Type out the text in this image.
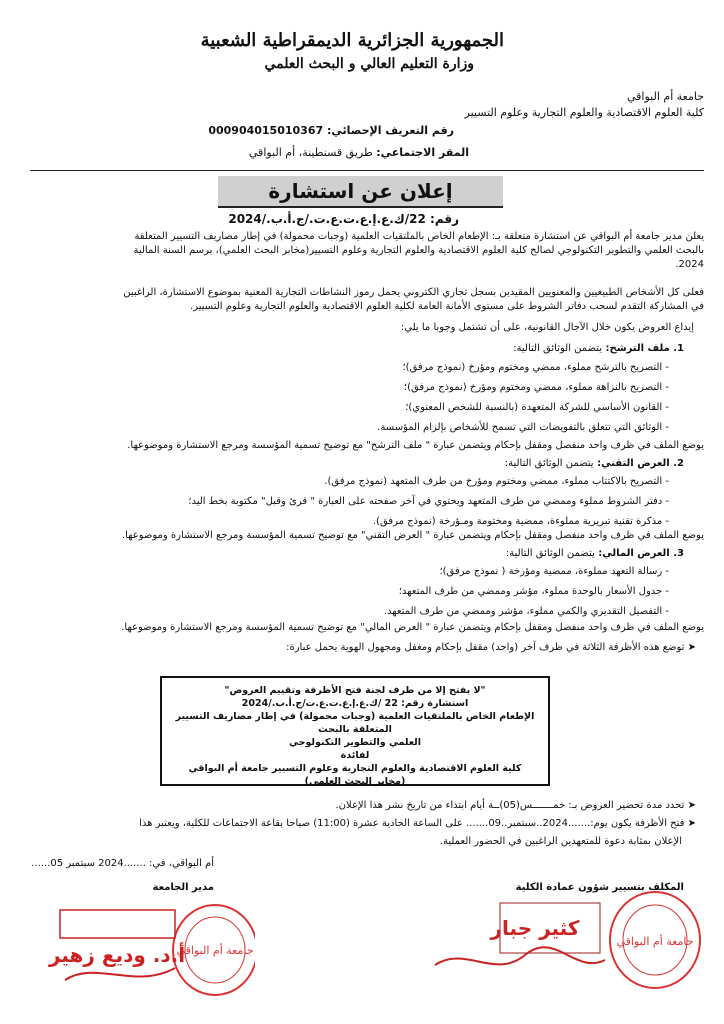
الجمهورية الجزائرية الديمقراطية الشعبية
وزارة التعليم العالي و البحث العلمي
جامعة أم البواقي
كلية العلوم الاقتصادية والعلوم التجارية وعلوم التسيير
رقم التعريف الإحصائي: 000904015010367
المقر الاجتماعي: طريق قسنطينة، أم البواقي
إعلان عن استشارة
رقم: 22/ك.ع.إ.ع.ت.ع.ت./ج.أ.ب./2024
يعلن مدير جامعة أم البواقي عن استشارة متعلقة بـ: الإطعام الخاص بالملتقيات العلمية (وجبات محمولة) في إطار مصاريف التسيير المتعلقة
بالبحث العلمي والتطوير التكنولوجي لصالح كلية العلوم الاقتصادية والعلوم التجارية وعلوم التسيير(مخابر البحث العلمي)، برسم السنة المالية
2024.
فعلى كل الأشخاص الطبيعيين والمعنويين المقيدين بسجل تجاري الكتروني يحمل رموز النشاطات التجارية المعنية بموضوع الاستشارة، الراغبين
في المشاركة التقدم لسحب دفاتر الشروط على مستوى الأمانة العامة لكلية العلوم الاقتصادية والعلوم التجارية وعلوم التسيير.
إيداع العروض يكون خلال الآجال القانونية، على أن تشتمل وجوبا ما يلي:
1. ملف الترشح: يتضمن الوثائق التالية:
- التصريح بالترشح مملوء، ممضي ومختوم ومؤرخ (نموذج مرفق)؛
- التصريح بالنزاهة مملوء، ممضي ومختوم ومؤرخ (نموذج مرفق)؛
- القانون الأساسي للشركة المتعهدة (بالنسبة للشخص المعنوي)؛
- الوثائق التي تتعلق بالتفويضات التي تسمح للأشخاص بإلزام المؤسسة.
يوضع الملف في ظرف واحد منفصل ومقفل بإحكام ويتضمن عبارة " ملف الترشح" مع توضيح تسمية المؤسسة ومرجع الاستشارة وموضوعها.
2. العرض التقني: يتضمن الوثائق التالية:
- التصريح بالاكتتاب مملوء، ممضي ومختوم ومؤرخ من طرف المتعهد (نموذج مرفق).
- دفتر الشروط مملوء وممضي من طرف المتعهد ويحتوي في آخر صفحته على العبارة " قرئ وقبل" مكتوبة بخط اليد؛
- مذكرة تقنية تبريرية مملوءة، ممضية ومختومة ومـؤرخة (نموذج مرفق).
يوضع الملف في ظرف واحد منفصل ومقفل بإحكام ويتضمن عبارة " العرض التقني" مع توضيح تسمية المؤسسة ومرجع الاستشارة وموضوعها.
3. العرض المالي: يتضمن الوثائق التالية:
- رسالة التعهد مملوءة، ممضية ومؤرخة ( نموذج مرفق)؛
- جدول الأسعار بالوحدة مملوء، مؤشر وممضي من طرف المتعهد؛
- التفصيل التقديري والكمي مملوء، مؤشر وممضي من طرف المتعهد.
يوضع الملف في ظرف واحد منفصل ومقفل بإحكام ويتضمن عبارة " العرض المالي" مع توضيح تسمية المؤسسة ومرجع الاستشارة وموضوعها.
➤ توضع هذه الأظرفة الثلاثة في ظرف آخر (واحد) مقفل بإحكام ومغفل ومجهول الهوية يحمل عبارة:
"لا يفتح إلا من طرف لجنة فتح الأظرفة وتقييم العروض"
استشارة رقم: 22 /ك.ع.إ.ع.ت.ع.ت/ج.أ.ب./2024
الإطعام الخاص بالملتقيات العلمية (وجبات محمولة) في إطار مصاريف التسيير المتعلقة بالبحث
العلمي والتطوير التكنولوجي
لفائدة
كلية العلوم الاقتصادية والعلوم التجارية وعلوم التسيير جامعة أم البواقي
(مخابر البحث العلمي)
➤ تحدد مدة تحضير العروض بـ: خمـــــــس(05)ــة أيام ابتداء من تاريخ نشر هذا الإعلان.
➤ فتح الأظرفة يكون يوم:.......2024..سبتمبر..09....... على الساعة الحادية عشرة (11:00) صباحا بقاعة الاجتماعات للكلية، ويعتبر هذا
الإعلان بمثابة دعوة للمتعهدين الراغبين في الحضور العملية.
أم البواقي، في: .......2024 سبتمبر 05......
مدير الجامعة	المكلف بتسيير شؤون عمادة الكلية
جامعة أم البواقي
أ.د. وديع زهير
جامعة أم البواقي
كثير جبار
